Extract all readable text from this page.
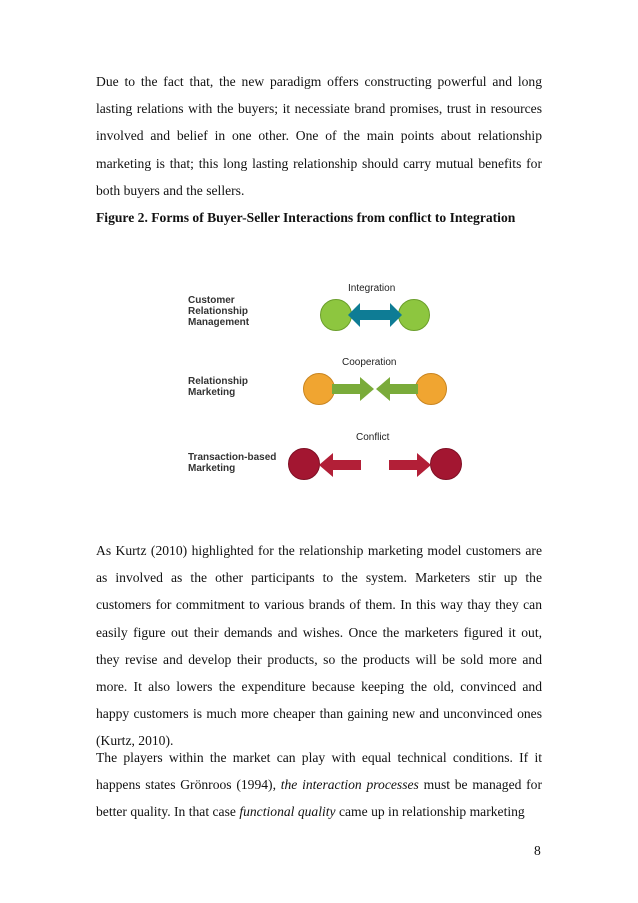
Due to the fact that, the new paradigm offers constructing powerful and long lasting relations with the buyers; it necessiate brand promises, trust in resources involved and belief in one other. One of the main points about relationship marketing is that; this long lasting relationship should carry mutual benefits for both buyers and the sellers.

Figure 2. Forms of Buyer-Seller Interactions from conflict to Integration

Customer
Relationship
Management
Relationship
Marketing
Transaction-based
Marketing
Integration
Cooperation
Conflict

As Kurtz (2010) highlighted for the relationship marketing model customers are as involved as the other participants to the system. Marketers stir up the customers for commitment to various brands of them. In this way thay they can easily figure out their demands and wishes. Once the marketers figured it out, they revise and develop their products, so the products will be sold more and more. It also lowers the expenditure because keeping the old, convinced and happy customers is much more cheaper than gaining new and unconvinced ones (Kurtz, 2010).

The players within the market can play with equal technical conditions. If it happens states Grönroos (1994), the interaction processes must be managed for better quality. In that case functional quality came up in relationship marketing

8
